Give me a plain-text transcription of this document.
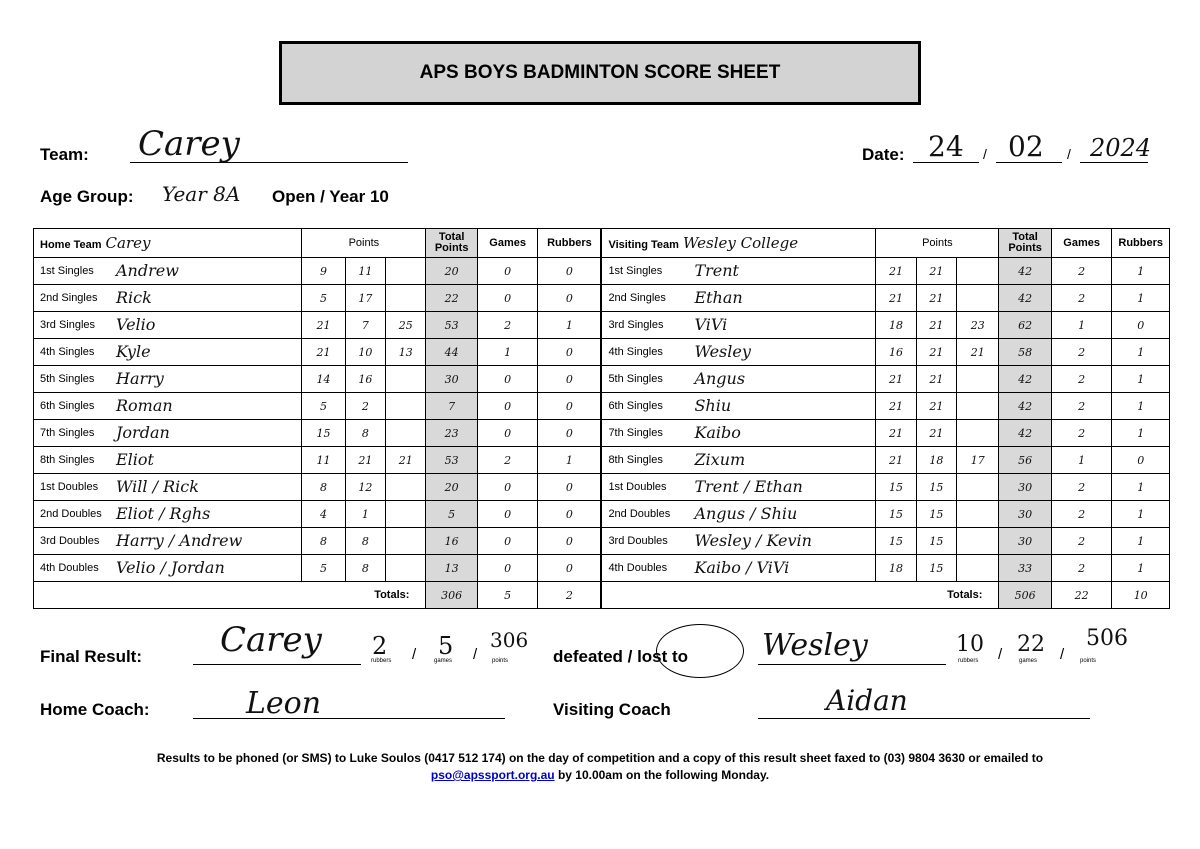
APS BOYS BADMINTON SCORE SHEET
Team: Carey	Date: 24 / 02 / 2024
Age Group: Year 8A Open / Year 10
Home Team Carey	Points			Total Points	Games	Rubbers	Visiting Team Wesley College	Points			Total Points	Games	Rubbers

1st Singles Andrew	9	11		20	0	0	1st Singles Trent	21	21		42	2	1

2nd Singles Rick	5	17		22	0	0	2nd Singles Ethan	21	21		42	2	1

3rd Singles Velio	21	7	25	53	2	1	3rd Singles ViVi	18	21	23	62	1	0

4th Singles Kyle	21	10	13	44	1	0	4th Singles Wesley	16	21	21	58	2	1

5th Singles Harry	14	16		30	0	0	5th Singles Angus	21	21		42	2	1

6th Singles Roman	5	2		7	0	0	6th Singles Shiu	21	21		42	2	1

7th Singles Jordan	15	8		23	0	0	7th Singles Kaibo	21	21		42	2	1

8th Singles Eliot	11	21	21	53	2	1	8th Singles Zixum	21	18	17	56	1	0

1st Doubles Will / Rick	8	12		20	0	0	1st Doubles Trent / Ethan	15	15		30	2	1

2nd Doubles Eliot / Rghs	4	1		5	0	0	2nd Doubles Angus / Shiu	15	15		30	2	1

3rd Doubles Harry / Andrew	8	8		16	0	0	3rd Doubles Wesley / Kevin	15	15		30	2	1

4th Doubles Velio / Jordan	5	8		13	0	0	4th Doubles Kaibo / ViVi	18	15		33	2	1
Totals:				306	5	2	Totals:				506	22	10
Final Result: Carey 2
rubbers / 5
games /
306
points	defeated / lost to Wesley	10
rubbers / 22
games /
506
points
Home Coach:	Leon	Visiting Coach	Aidan
Results to be phoned (or SMS) to Luke Soulos (0417 512 174) on the day of competition and a copy of this result sheet faxed to (03) 9804 3630 or emailed to
pso@apssport.org.au by 10.00am on the following Monday.
